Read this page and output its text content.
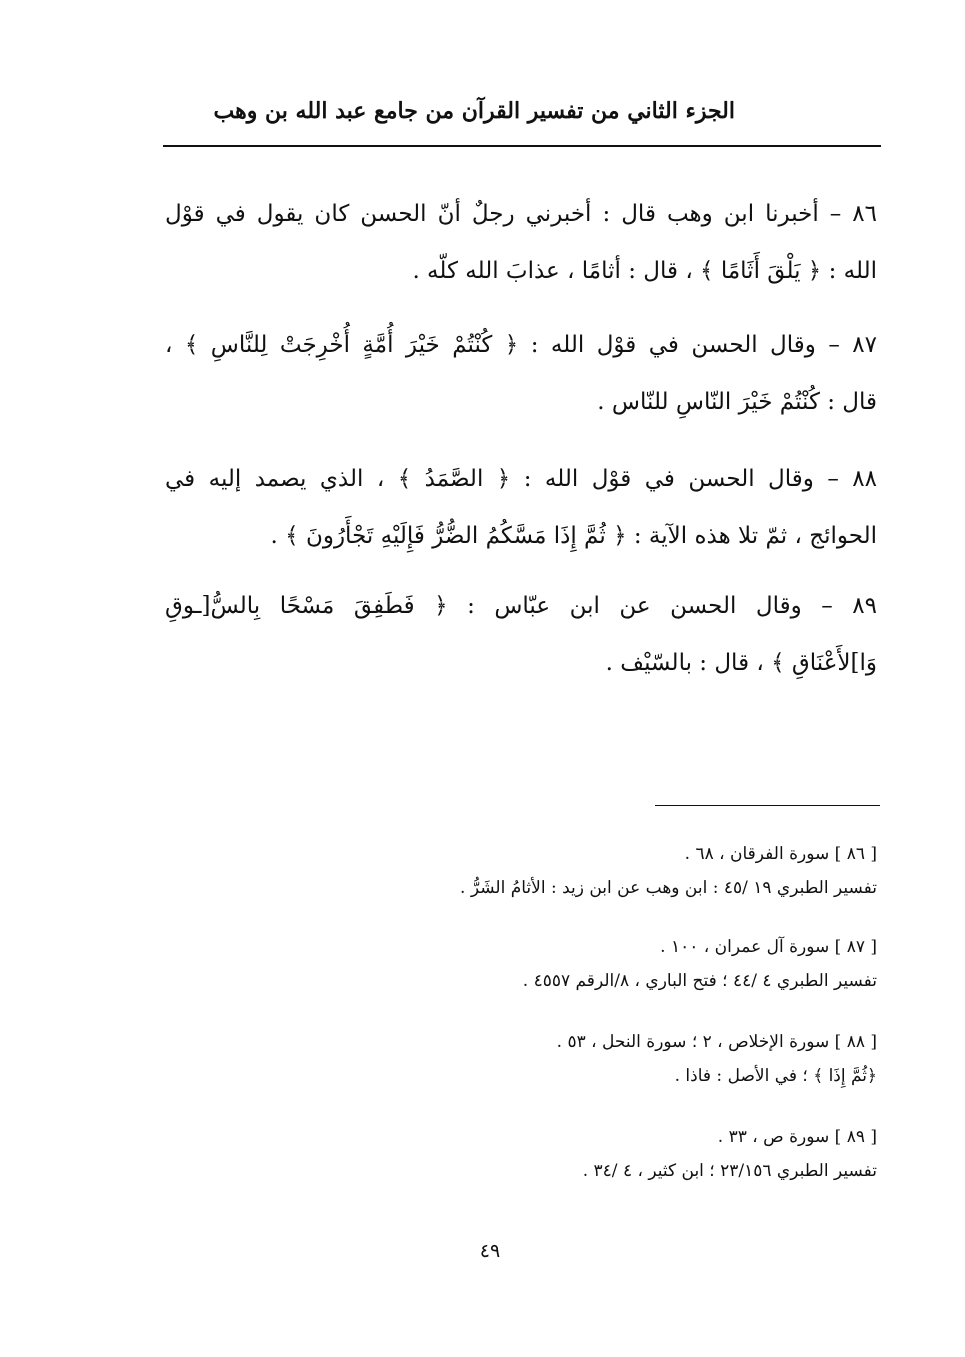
الجزء الثاني من تفسير القرآن من جامع عبد الله بن وهب

٨٦ – أخبرنا ابن وهب قال : أخبرني رجلٌ أنّ الحسن كان يقول في قوْل

الله : ﴿ يَلْقَ أَثَامًا ﴾ ، قال : أثامًا ، عذابَ الله كلّه .

٨٧ – وقال الحسن في قوْل الله : ﴿ كُنْتُمْ خَيْرَ أُمَّةٍ أُخْرِجَتْ لِلنَّاسِ ﴾ ،

قال : كُنْتُمْ خَيْرَ النّاسِ للنّاس .

٨٨ – وقال الحسن في قوْل الله : ﴿ الصَّمَدُ ﴾ ، الذي يصمد إليه في

الحوائج ، ثمّ تلا هذه الآية : ﴿ ثُمَّ إِذَا مَسَّكُمُ الضُّرُّ فَإِلَيْهِ تَجْأَرُونَ ﴾ .

٨٩ – وقال الحسن عن ابن عبّاس : ﴿ فَطَفِقَ مَسْحًا بِالسُّ[ـوقِ

وَا]لأَعْنَاقِ ﴾ ، قال : بالسّيْف .

[ ٨٦ ] سورة الفرقان ، ٦٨ .

تفسير الطبري ١٩ /٤٥ : ابن وهب عن ابن زيد : الأثامُ الشَرُّ .

[ ٨٧ ] سورة آل عمران ، ١٠٠ .

تفسير الطبري ٤ /٤٤ ؛ فتح الباري ، ٨/الرقم ٤٥٥٧ .

[ ٨٨ ] سورة الإخلاص ، ٢ ؛ سورة النحل ، ٥٣ .

﴿ثُمَّ إِذَا ﴾ ؛ في الأصل : فاذا .

[ ٨٩ ] سورة ص ، ٣٣ .

تفسير الطبري ٢٣/١٥٦ ؛ ابن كثير ، ٤ /٣٤ .

٤٩
